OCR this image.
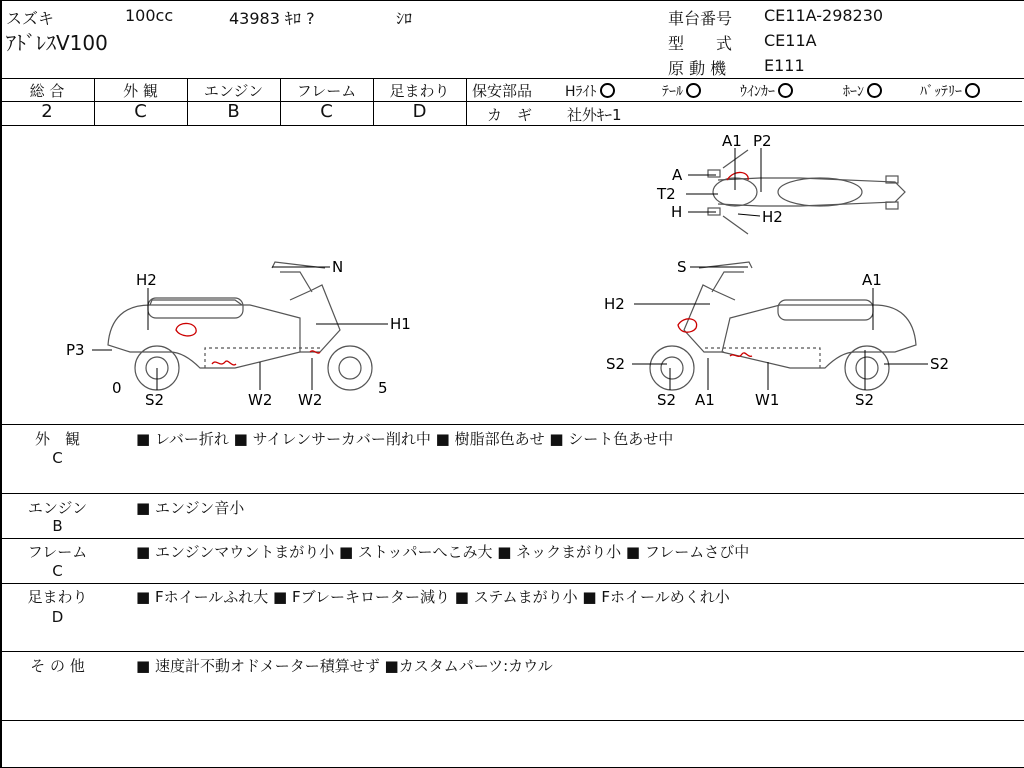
スズキ	100cc	43983 ｷﾛ ?	ｼﾛ
ｱﾄﾞﾚｽV100
車台番号 CE11A-298230
型　　式 CE11A
原 動 機 E111
総 合	外 観	エンジン	フレーム	足まわり
2	C	B	C	D
保安部品 Hﾗｲﾄ	ﾃｰﾙ	ｳｲﾝｶｰ	ﾎｰﾝ	ﾊﾞｯﾃﾘｰ
カ　ギ 社外ｷｰ1
N
H2
H1
P3
0
S2	W2 W2
5
S
A1
H2
S2	S2
A1	W1
S2	S2
A1 P2
A
T2
H	H2
外　観
C
■ レバー折れ ■ サイレンサーカバー削れ中 ■ 樹脂部色あせ ■ シート色あせ中
エンジン
B
■ エンジン音小
フレーム
C
■ エンジンマウントまがり小 ■ ストッパーへこみ大 ■ ネックまがり小 ■ フレームさび中
足まわり
D
■ Fホイールふれ大 ■ Fブレーキローター減り ■ ステムまがり小 ■ Fホイールめくれ小
そ の 他	■ 速度計不動オドメーター積算せず ■カスタムパーツ:カウル
